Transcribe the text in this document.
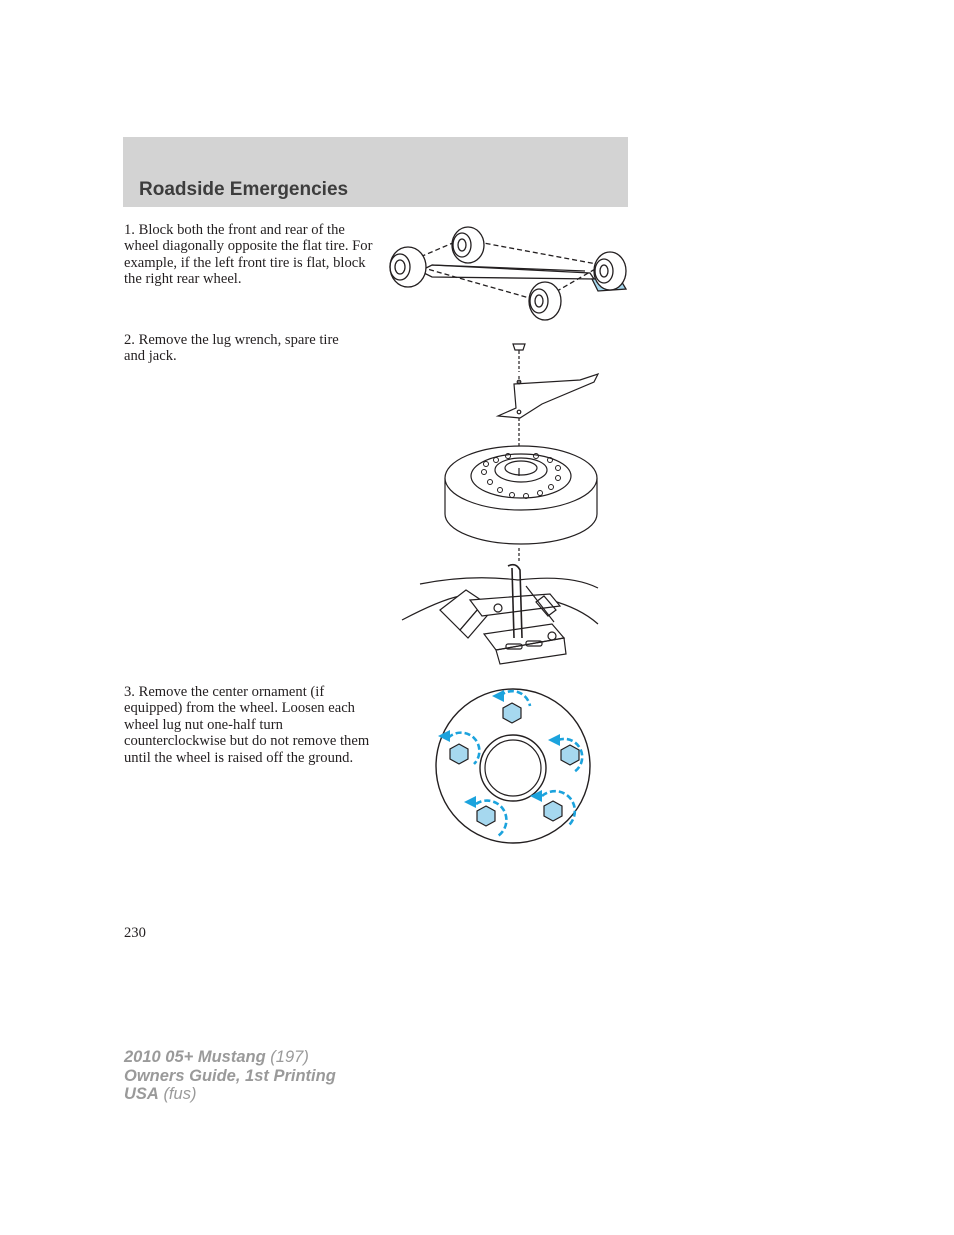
Roadside Emergencies

1. Block both the front and rear of the wheel diagonally opposite the flat tire. For example, if the left front tire is flat, block the right rear wheel.

2. Remove the lug wrench, spare tire and jack.

3. Remove the center ornament (if equipped) from the wheel. Loosen each wheel lug nut one-half turn counterclockwise but do not remove them until the wheel is raised off the ground.

230

2010 05+ Mustang (197)
Owners Guide, 1st Printing
USA (fus)
